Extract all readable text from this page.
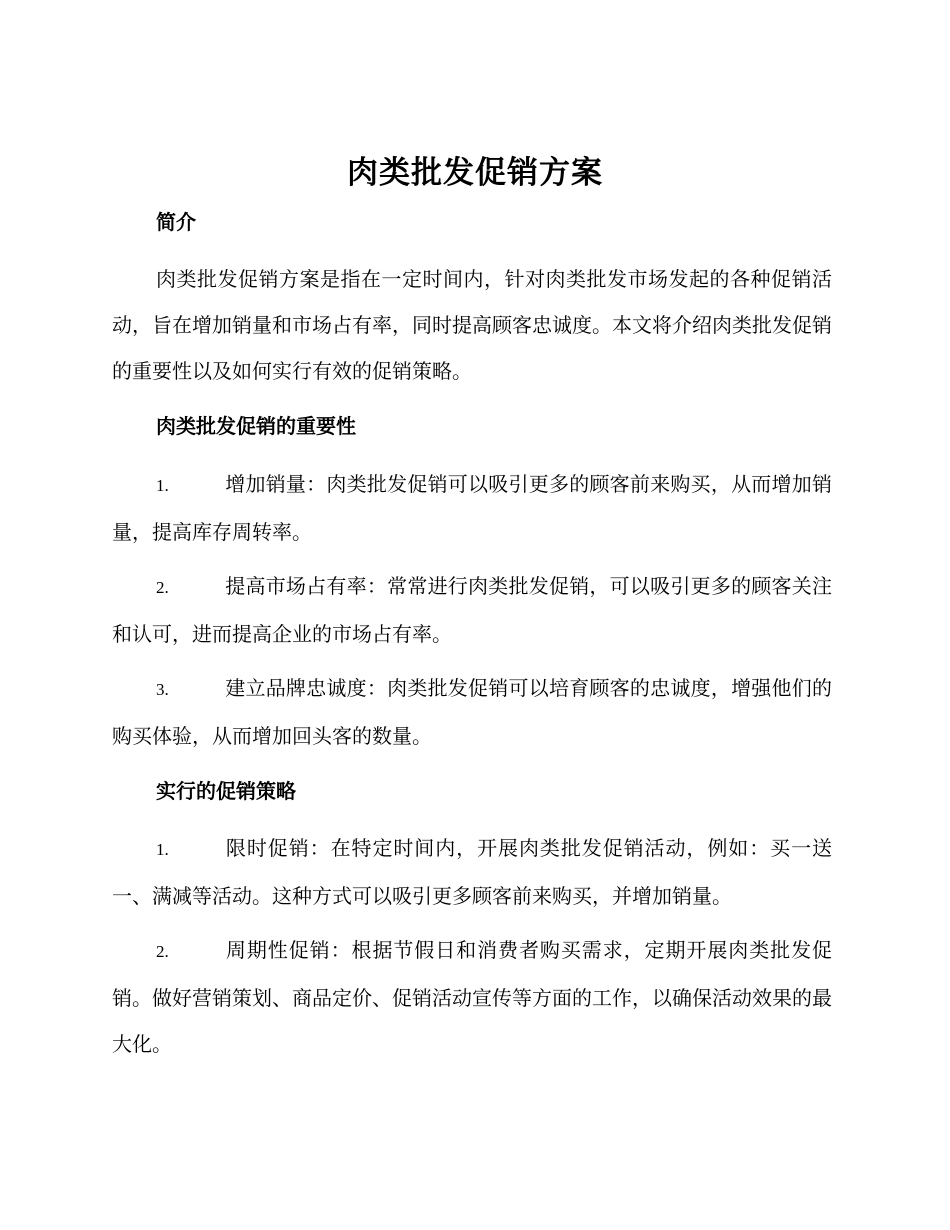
肉类批发促销方案
简介
肉类批发促销方案是指在一定时间内，针对肉类批发市场发起的各种促销活动，旨在增加销量和市场占有率，同时提高顾客忠诚度。本文将介绍肉类批发促销的重要性以及如何实行有效的促销策略。
肉类批发促销的重要性
1.	增加销量：肉类批发促销可以吸引更多的顾客前来购买，从而增加销量，提高库存周转率。
2.	提高市场占有率：常常进行肉类批发促销，可以吸引更多的顾客关注和认可，进而提高企业的市场占有率。
3.	建立品牌忠诚度：肉类批发促销可以培育顾客的忠诚度，增强他们的购买体验，从而增加回头客的数量。
实行的促销策略
1.	限时促销：在特定时间内，开展肉类批发促销活动，例如：买一送一、满减等活动。这种方式可以吸引更多顾客前来购买，并增加销量。
2.	周期性促销：根据节假日和消费者购买需求，定期开展肉类批发促销。做好营销策划、商品定价、促销活动宣传等方面的工作，以确保活动效果的最大化。
